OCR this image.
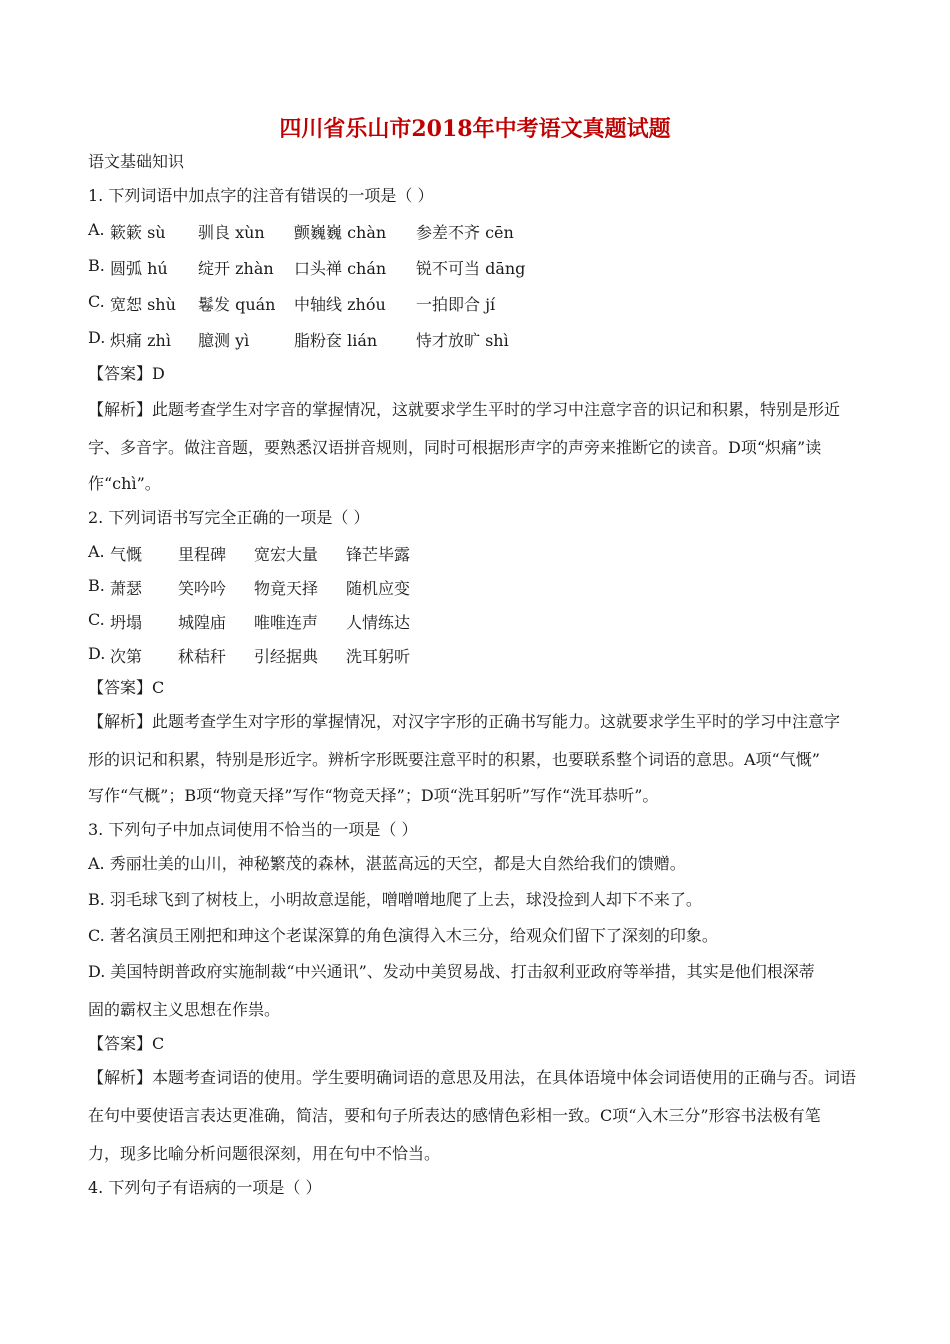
四川省乐山市2018年中考语文真题试题
语文基础知识
1. 下列词语中加点字的注音有错误的一项是（ ）
A. 簌簌 sù 驯良 xùn 颤巍巍 chàn 参差不齐 cēn
B. 圆弧 hú 绽开 zhàn 口头禅 chán 锐不可当 dāng
C. 宽恕 shù 鬈发 quán 中轴线 zhóu 一拍即合 jí
D. 炽痛 zhì 臆测 yì	脂粉奁 lián 恃才放旷 shì
【答案】D
【解析】此题考查学生对字音的掌握情况，这就要求学生平时的学习中注意字音的识记和积累，特别是形近
字、多音字。做注音题，要熟悉汉语拼音规则，同时可根据形声字的声旁来推断它的读音。D项“炽痛”读
作“chì”。
2. 下列词语书写完全正确的一项是（ ）
A. 气慨 里程碑 宽宏大量 锋芒毕露
B. 萧瑟 笑吟吟 物竟天择 随机应变
C. 坍塌 城隍庙 唯唯连声 人情练达
D. 次第 秫秸秆 引经据典 洗耳躬听
【答案】C
【解析】此题考查学生对字形的掌握情况，对汉字字形的正确书写能力。这就要求学生平时的学习中注意字
形的识记和积累，特别是形近字。辨析字形既要注意平时的积累，也要联系整个词语的意思。A项“气慨”
写作“气概”；B项“物竟天择”写作“物竞天择”；D项“洗耳躬听”写作“洗耳恭听”。
3. 下列句子中加点词使用不恰当的一项是（ ）
A. 秀丽壮美的山川，神秘繁茂的森林，湛蓝高远的天空，都是大自然给我们的馈赠。
B. 羽毛球飞到了树枝上，小明故意逞能，噌噌噌地爬了上去，球没捡到人却下不来了。
C. 著名演员王刚把和珅这个老谋深算的角色演得入木三分，给观众们留下了深刻的印象。
D. 美国特朗普政府实施制裁“中兴通讯”、发动中美贸易战、打击叙利亚政府等举措，其实是他们根深蒂
固的霸权主义思想在作祟。
【答案】C
【解析】本题考查词语的使用。学生要明确词语的意思及用法，在具体语境中体会词语使用的正确与否。词语
在句中要使语言表达更准确，简洁，要和句子所表达的感情色彩相一致。C项“入木三分”形容书法极有笔
力，现多比喻分析问题很深刻，用在句中不恰当。
4. 下列句子有语病的一项是（ ）
